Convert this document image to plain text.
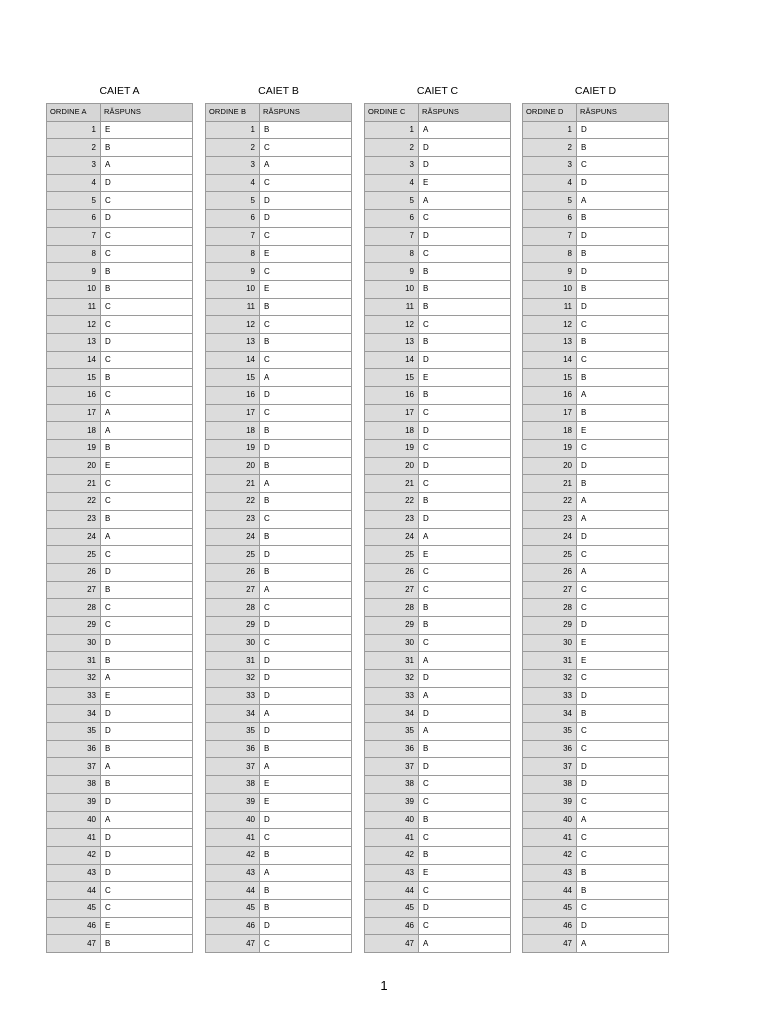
CAIET A
ORDINE A	RĂSPUNS
1	E
2	B
3	A
4	D
5	C
6	D
7	C
8	C
9	B
10	B
11	C
12	C
13	D
14	C
15	B
16	C
17	A
18	A
19	B
20	E
21	C
22	C
23	B
24	A
25	C
26	D
27	B
28	C
29	C
30	D
31	B
32	A
33	E
34	D
35	D
36	B
37	A
38	B
39	D
40	A
41	D
42	D
43	D
44	C
45	C
46	E
47	B
CAIET B
ORDINE B	RĂSPUNS
1	B
2	C
3	A
4	C
5	D
6	D
7	C
8	E
9	C
10	E
11	B
12	C
13	B
14	C
15	A
16	D
17	C
18	B
19	D
20	B
21	A
22	B
23	C
24	B
25	D
26	B
27	A
28	C
29	D
30	C
31	D
32	D
33	D
34	A
35	D
36	B
37	A
38	E
39	E
40	D
41	C
42	B
43	A
44	B
45	B
46	D
47	C
CAIET C
ORDINE C	RĂSPUNS
1	A
2	D
3	D
4	E
5	A
6	C
7	D
8	C
9	B
10	B
11	B
12	C
13	B
14	D
15	E
16	B
17	C
18	D
19	C
20	D
21	C
22	B
23	D
24	A
25	E
26	C
27	C
28	B
29	B
30	C
31	A
32	D
33	A
34	D
35	A
36	B
37	D
38	C
39	C
40	B
41	C
42	B
43	E
44	C
45	D
46	C
47	A
CAIET D
ORDINE D	RĂSPUNS
1	D
2	B
3	C
4	D
5	A
6	B
7	D
8	B
9	D
10	B
11	D
12	C
13	B
14	C
15	B
16	A
17	B
18	E
19	C
20	D
21	B
22	A
23	A
24	D
25	C
26	A
27	C
28	C
29	D
30	E
31	E
32	C
33	D
34	B
35	C
36	C
37	D
38	D
39	C
40	A
41	C
42	C
43	B
44	B
45	C
46	D
47	A
1
